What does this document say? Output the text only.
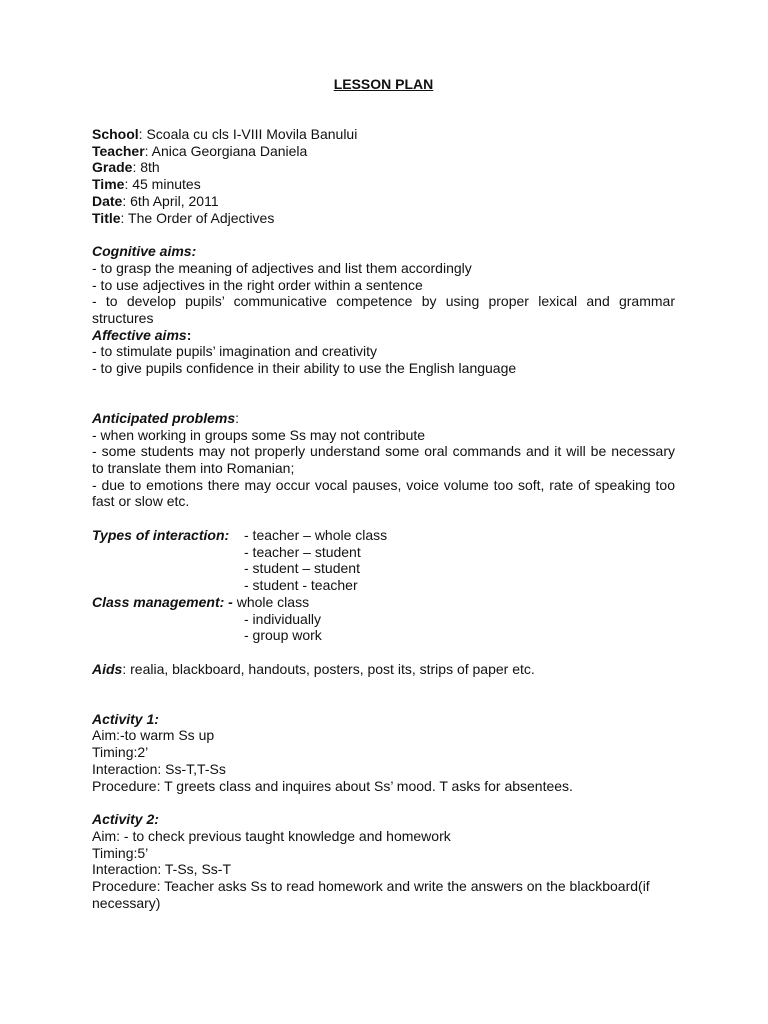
LESSON PLAN
School: Scoala cu cls I-VIII Movila Banului
Teacher: Anica Georgiana Daniela
Grade: 8th
Time: 45 minutes
Date: 6th April, 2011
Title: The Order of Adjectives
Cognitive aims:
- to grasp the meaning of adjectives and list them accordingly
- to use adjectives in the right order within a sentence
- to develop pupils’ communicative competence by using proper lexical and grammar structures
Affective aims:
- to stimulate pupils’ imagination and creativity
- to give pupils confidence in their ability to use the English language
Anticipated problems:
- when working in groups some Ss may not contribute
- some students may not properly understand some oral commands and it will be necessary to translate them into Romanian;
- due to emotions there may occur vocal pauses, voice volume too soft, rate of speaking too fast or slow etc.
Types of interaction:	- teacher – whole class
- teacher – student
- student – student
- student - teacher
Class management: - whole class
- individually
- group work
Aids: realia, blackboard, handouts, posters, post its, strips of paper etc.
Activity 1:
Aim:-to warm Ss up
Timing:2’
Interaction: Ss-T,T-Ss
Procedure: T greets class and inquires about Ss’ mood. T asks for absentees.
Activity 2:
Aim: - to check previous taught knowledge and homework
Timing:5’
Interaction: T-Ss, Ss-T
Procedure: Teacher asks Ss to read homework and write the answers on the blackboard(if necessary)
